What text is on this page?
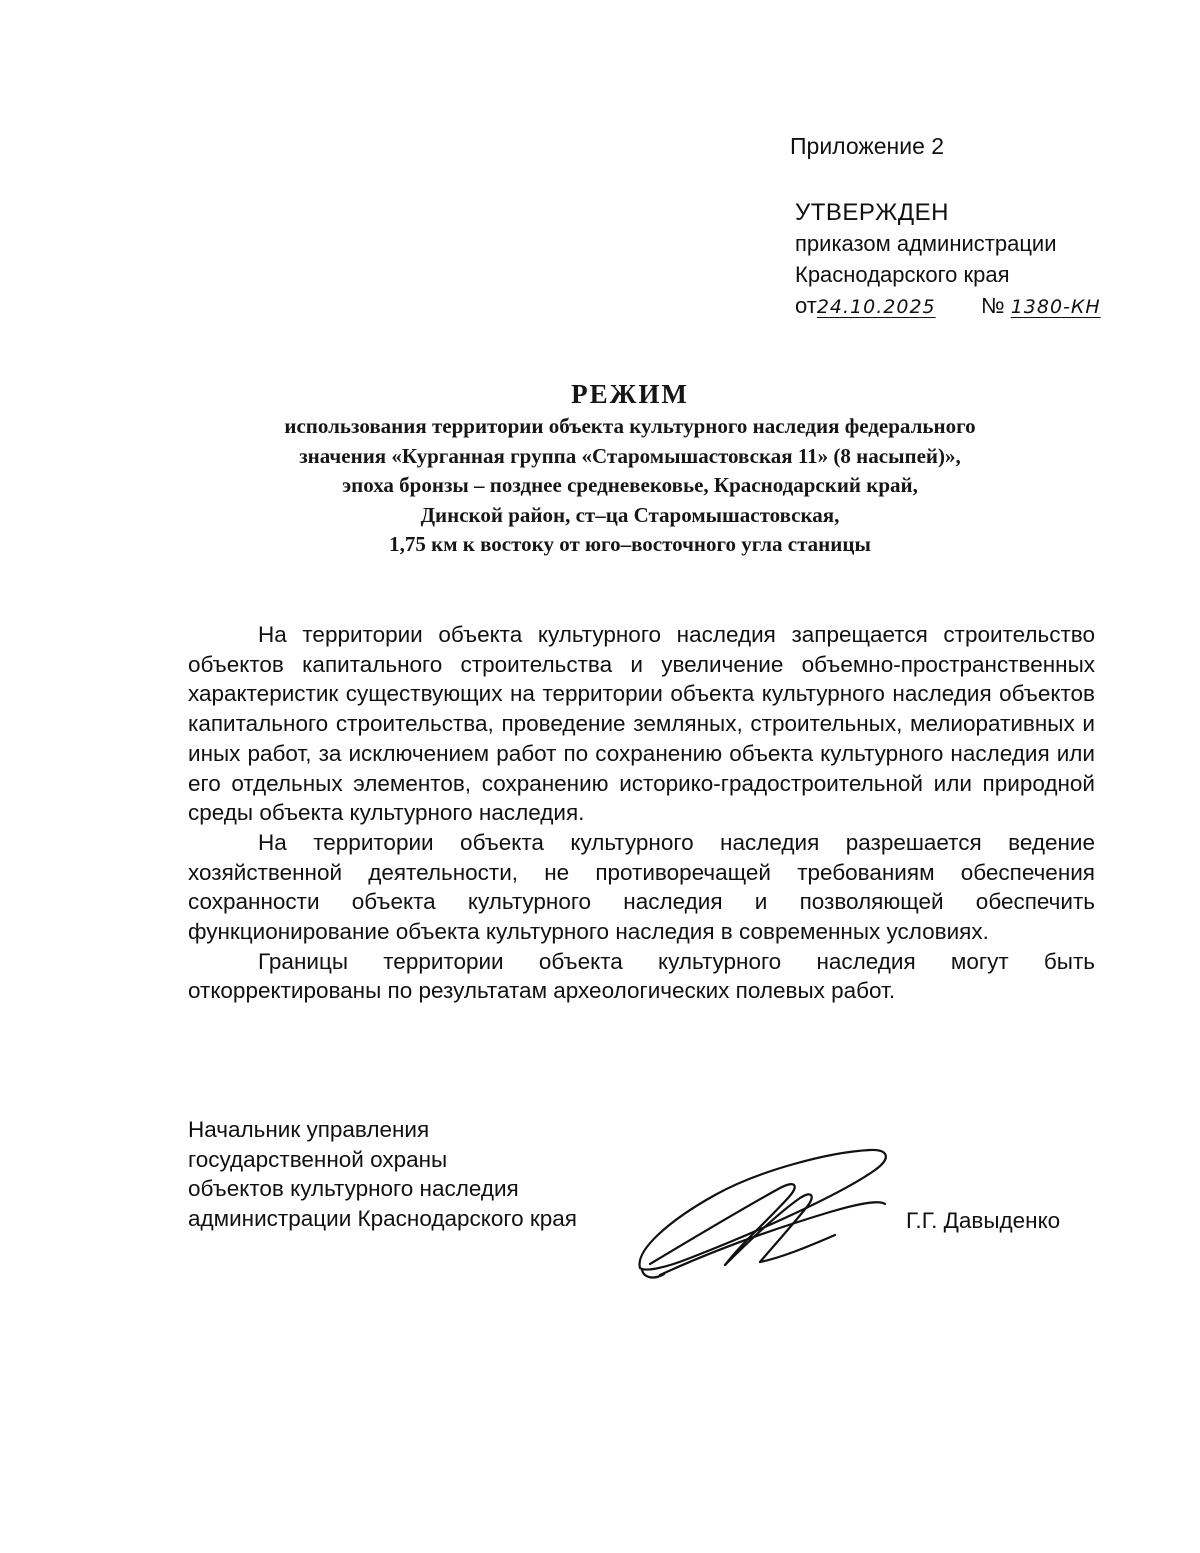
Приложение 2
УТВЕРЖДЕН
приказом администрации
Краснодарского края
от24.10.2025 № 1380-КН
РЕЖИМ
использования территории объекта культурного наследия федерального
значения «Курганная группа «Старомышастовская 11» (8 насыпей)»,
эпоха бронзы – позднее средневековье, Краснодарский край,
Динской район, ст–ца Старомышастовская,
1,75 км к востоку от юго–восточного угла станицы

На территории объекта культурного наследия запрещается строительство объектов капитального строительства и увеличение объемно-пространственных характеристик существующих на территории объекта культурного наследия объектов капитального строительства, проведение земляных, строительных, мелиоративных и иных работ, за исключением работ по сохранению объекта культурного наследия или его отдельных элементов, сохранению историко-градостроительной или природной среды объекта культурного наследия.

На территории объекта культурного наследия разрешается ведение хозяйственной деятельности, не противоречащей требованиям обеспечения сохранности объекта культурного наследия и позволяющей обеспечить функционирование объекта культурного наследия в современных условиях.

Границы территории объекта культурного наследия могут быть откорректированы по результатам археологических полевых работ.

Начальник управления
государственной охраны
объектов культурного наследия
администрации Краснодарского края	Г.Г. Давыденко
